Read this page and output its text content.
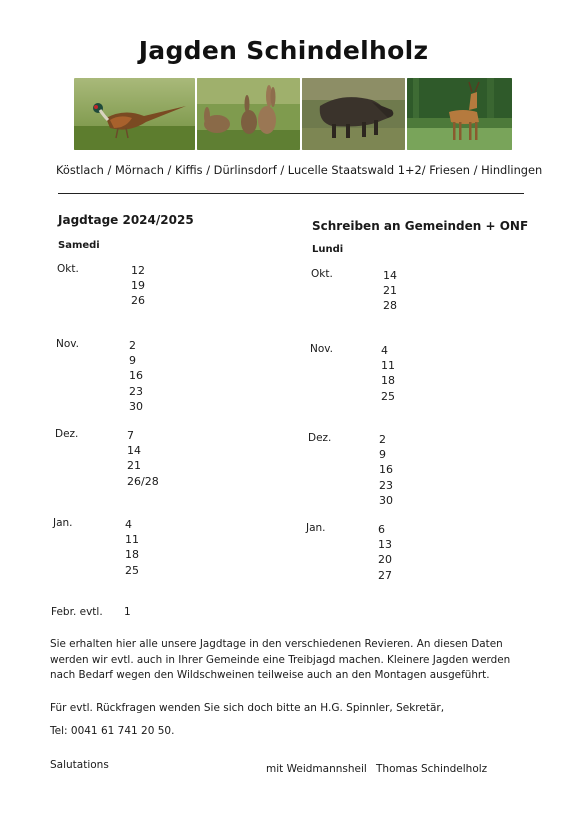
Jagden Schindelholz
Köstlach / Mörnach / Kiffis / Dürlinsdorf / Lucelle Staatswald 1+2/ Friesen / Hindlingen
Jagdtage 2024/2025
Samedi
Okt.	12
19
26
Nov.	2
9
16
23
30
Dez.	7
14
21
26/28
Jan.	4
11
18
25
Schreiben an Gemeinden + ONF
Lundi
Okt.	14
21
28
Nov.	4
11
18
25
Dez.	2
9
16
23
30
Jan.	6
13
20
27
Febr. evtl. 1
Sie erhalten hier alle unsere Jagdtage in den verschiedenen Revieren. An diesen Daten
werden wir evtl. auch in Ihrer Gemeinde eine Treibjagd machen. Kleinere Jagden werden
nach Bedarf wegen den Wildschweinen teilweise auch an den Montagen ausgeführt.
Für evtl. Rückfragen wenden Sie sich doch bitte an H.G. Spinnler, Sekretär,
Tel: 0041 61 741 20 50.
Salutations	mit Weidmannsheil Thomas Schindelholz
